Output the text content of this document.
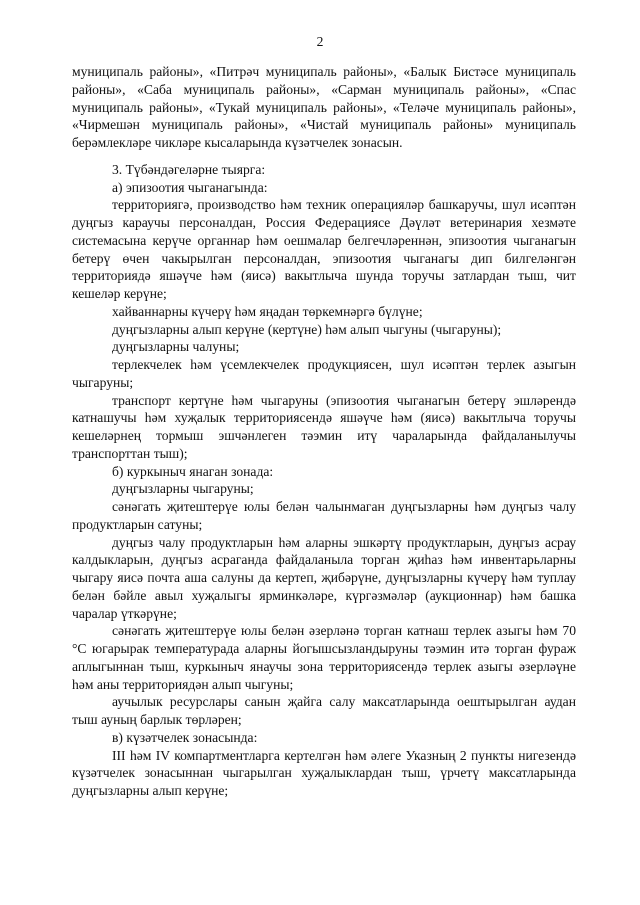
2

муниципаль районы», «Питрәч муниципаль районы», «Балык Бистәсе муниципаль районы», «Саба муниципаль районы», «Сарман муниципаль районы», «Спас муниципаль районы», «Тукай муниципаль районы», «Теләче муниципаль районы», «Чирмешән муниципаль районы», «Чистай муниципаль районы» муниципаль берәмлекләре чикләре кысаларында күзәтчелек зонасын.

3. Түбәндәгеләрне тыярга:

а) эпизоотия чыганагында:

территориягә, производство һәм техник операцияләр башкаручы, шул исәптән дуңгыз караучы персоналдан, Россия Федерациясе Дәүләт ветеринария хезмәте системасына керүче органнар һәм оешмалар белгечләреннән, эпизоотия чыганагын бетерү өчен чакырылган персоналдан, эпизоотия чыганагы дип билгеләнгән территориядә яшәүче һәм (яисә) вакытлыча шунда торучы затлардан тыш, чит кешеләр керүне;

хайваннарны күчерү һәм яңадан төркемнәргә бүлүне;

дуңгызларны алып керүне (кертүне) һәм алып чыгуны (чыгаруны);

дуңгызларны чалуны;

терлекчелек һәм үсемлекчелек продукциясен, шул исәптән терлек азыгын чыгаруны;

транспорт кертүне һәм чыгаруны (эпизоотия чыганагын бетерү эшләрендә катнашучы һәм хуҗалык территориясендә яшәүче һәм (яисә) вакытлыча торучы кешеләрнең тормыш эшчәнлеген тәэмин итү чараларында файдаланылучы транспорттан тыш);

б) куркыныч янаган зонада:

дуңгызларны чыгаруны;

сәнәгать җитештерүе юлы белән чалынмаган дуңгызларны һәм дуңгыз чалу продуктларын сатуны;

дуңгыз чалу продуктларын һәм аларны эшкәртү продуктларын, дуңгыз асрау калдыкларын, дуңгыз асраганда файдаланыла торган җиһаз һәм инвентарьларны чыгару яисә почта аша салуны да кертеп, җибәрүне, дуңгызларны күчерү һәм туплау белән бәйле авыл хуҗалыгы ярминкәләре, күргәзмәләр (аукционнар) һәм башка чаралар үткәрүне;

сәнәгать җитештерүе юлы белән әзерләнә торган катнаш терлек азыгы һәм 70 °С югарырак температурада аларны йогышсызландыруны тәэмин итә торган фураж аплыгыннан тыш, куркыныч янаучы зона территориясендә терлек азыгы әзерләүне һәм аны территориядән алып чыгуны;

аучылык ресурслары санын җайга салу максатларында оештырылган аудан тыш ауның барлык төрләрен;

в) күзәтчелек зонасында:

III һәм IV компартментларга кертелгән һәм әлеге Указның 2 пункты нигезендә күзәтчелек зонасыннан чыгарылган хуҗалыклардан тыш, үрчетү максатларында дуңгызларны алып керүне;
